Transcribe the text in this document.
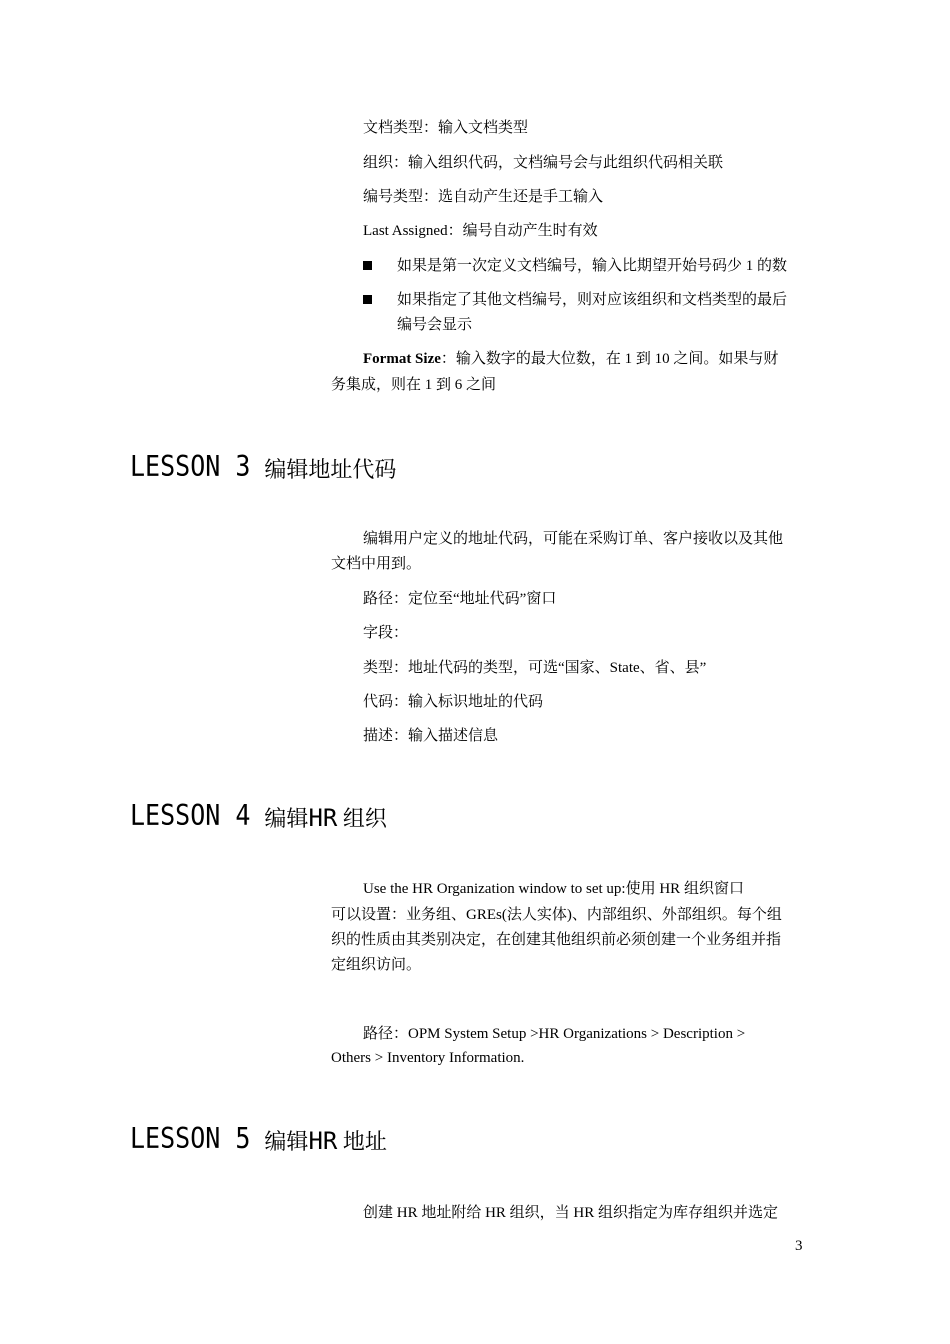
文档类型：输入文档类型
组织：输入组织代码，文档编号会与此组织代码相关联
编号类型：选自动产生还是手工输入
Last Assigned：编号自动产生时有效
如果是第一次定义文档编号，输入比期望开始号码少 1 的数
如果指定了其他文档编号，则对应该组织和文档类型的最后
编号会显示
Format Size：输入数字的最大位数，在 1 到 10 之间。如果与财
务集成，则在 1 到 6 之间
LESSON 3 编辑地址代码
编辑用户定义的地址代码，可能在采购订单、客户接收以及其他
文档中用到。
路径：定位至“地址代码”窗口
字段：
类型：地址代码的类型，可选“国家、State、省、县”
代码：输入标识地址的代码
描述：输入描述信息
LESSON 4 编辑HR 组织
Use the HR Organization window to set up:使用 HR 组织窗口
可以设置：业务组、GREs(法人实体)、内部组织、外部组织。每个组
织的性质由其类别决定，在创建其他组织前必须创建一个业务组并指
定组织访问。
路径：OPM System Setup >HR Organizations > Description >
Others > Inventory Information.
LESSON 5 编辑HR 地址
创建 HR 地址附给 HR 组织，当 HR 组织指定为库存组织并选定
3
